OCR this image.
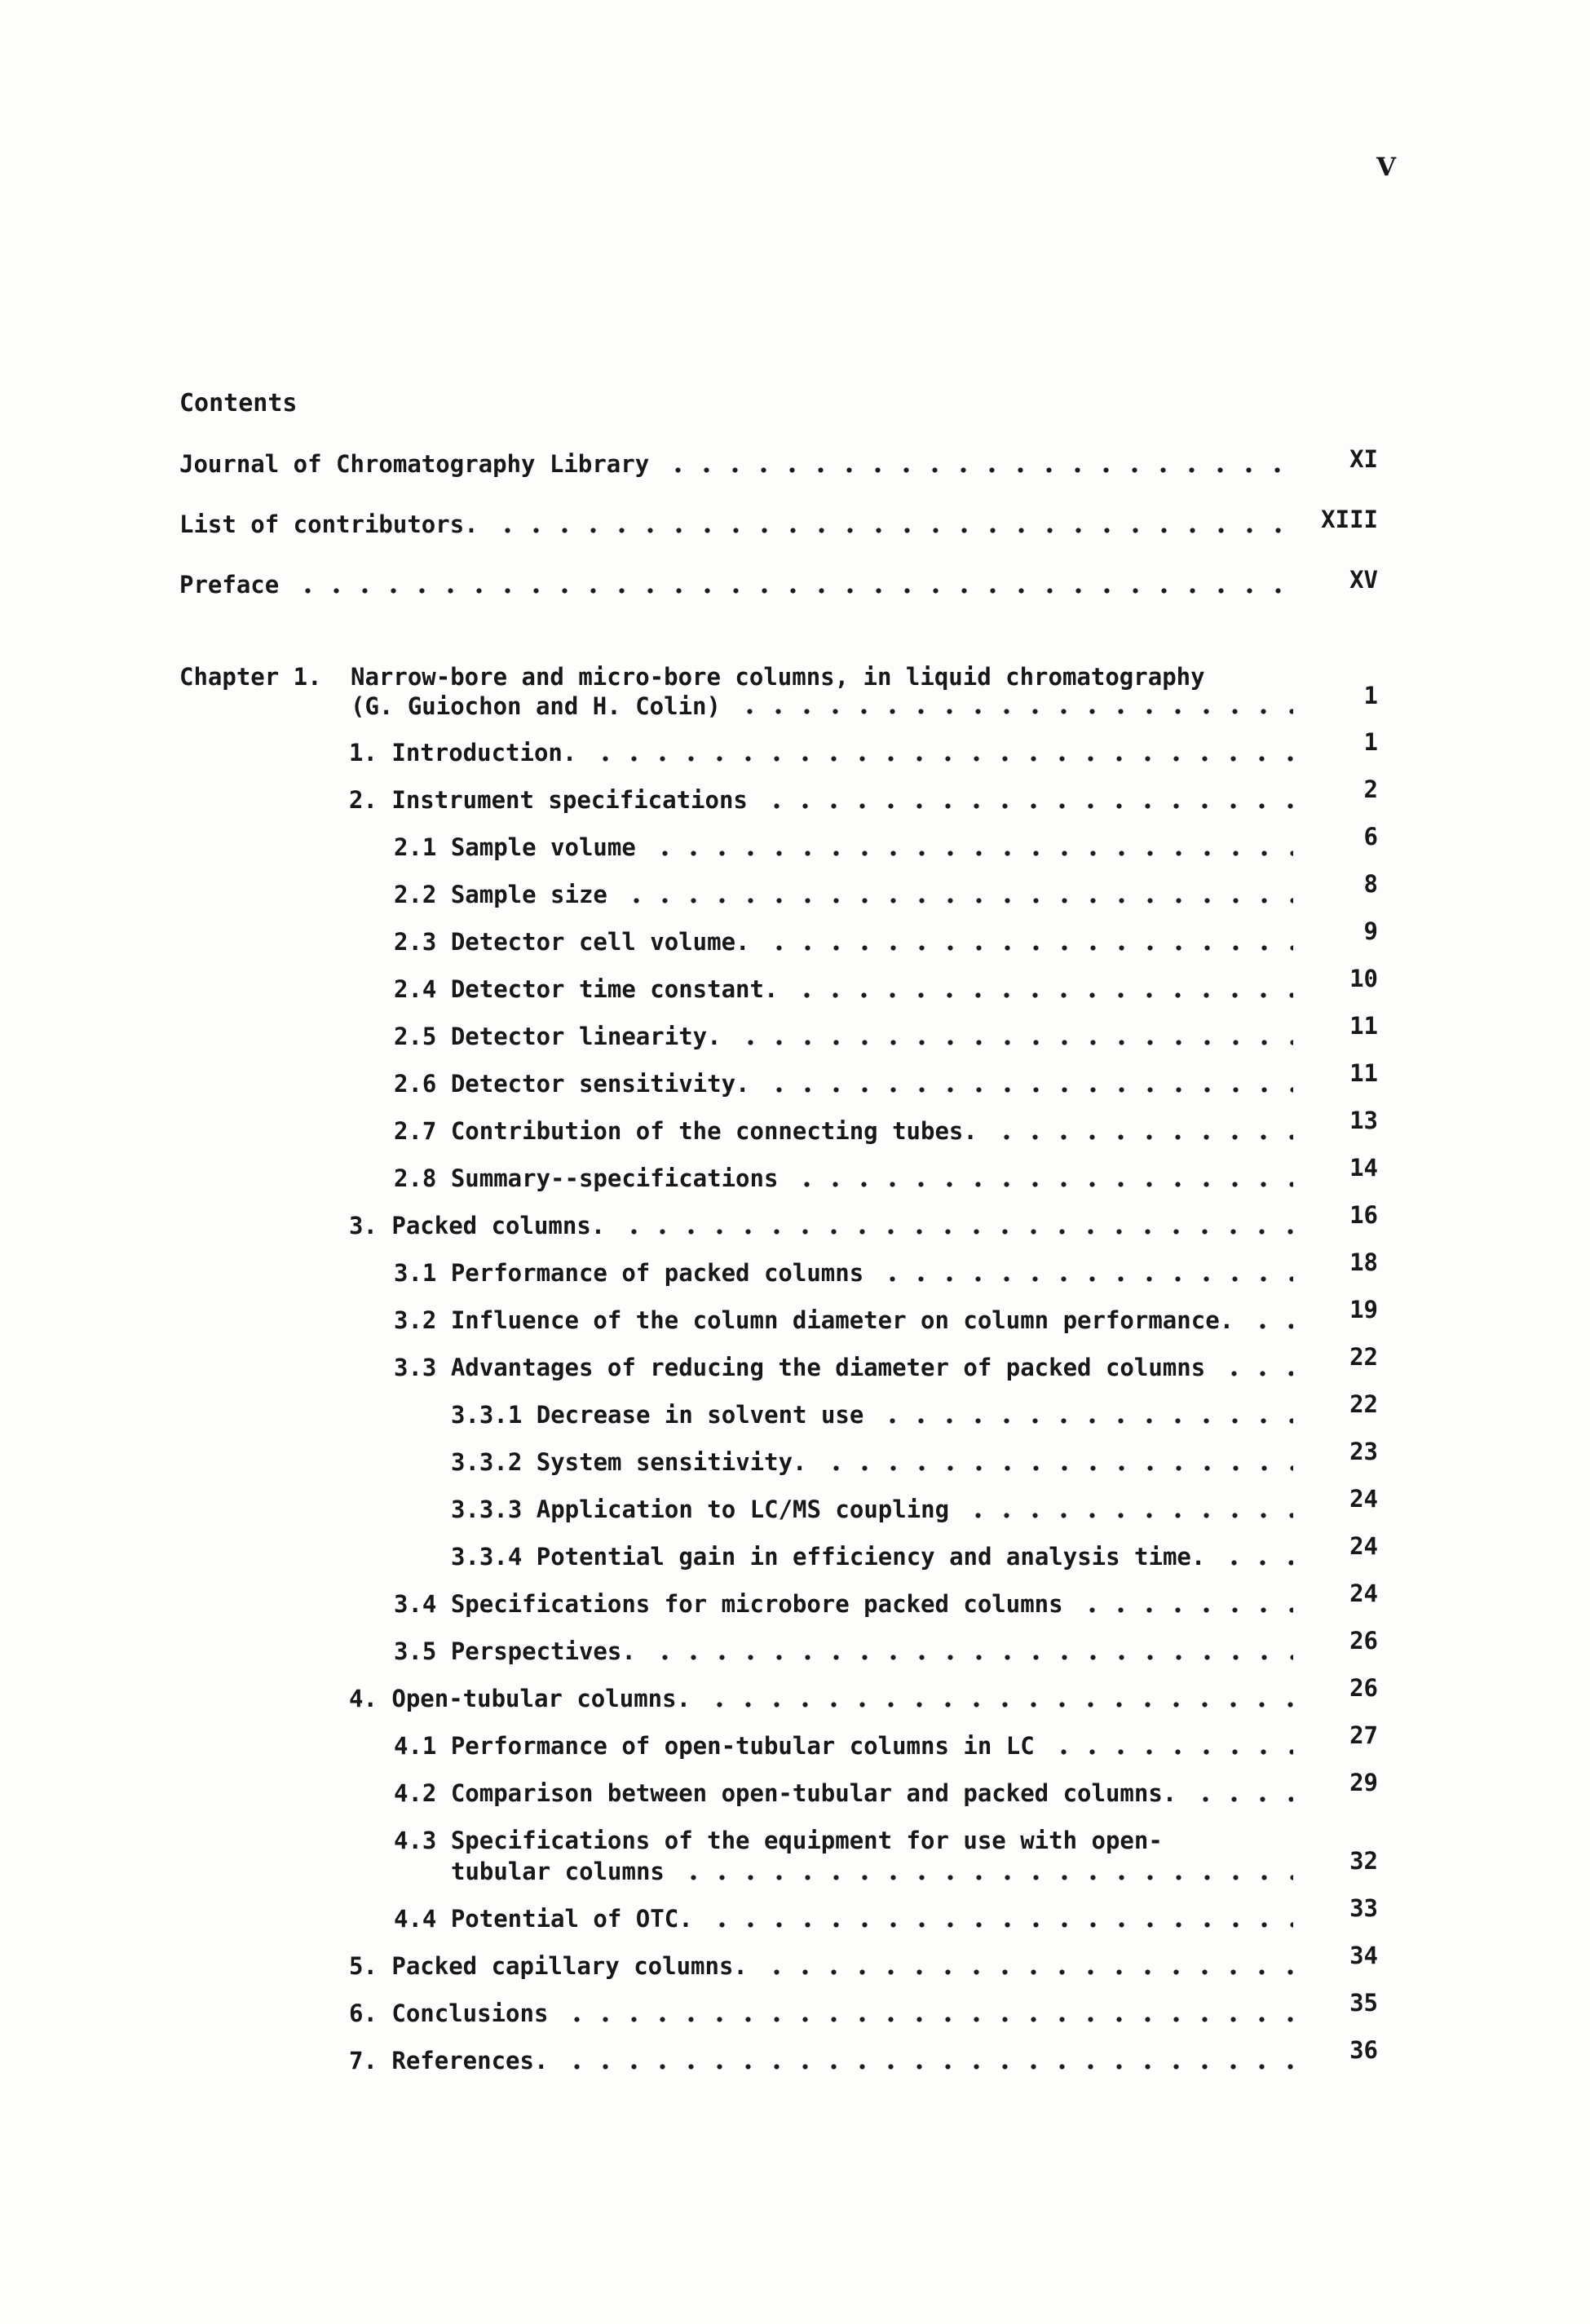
V
Contents
Journal of Chromatography Library	XI
List of contributors.	XIII
Preface	XV
Chapter 1.	Narrow-bore and micro-bore columns, in liquid chromatography
(G. Guiochon and H. Colin)	1
1. Introduction.	1
2. Instrument specifications	2
2.1 Sample volume	6
2.2 Sample size	8
2.3 Detector cell volume.	9
2.4 Detector time constant.	10
2.5 Detector linearity.	11
2.6 Detector sensitivity.	11
2.7 Contribution of the connecting tubes.	13
2.8 Summary--specifications	14
3. Packed columns.	16
3.1 Performance of packed columns	18
3.2 Influence of the column diameter on column performance.	19
3.3 Advantages of reducing the diameter of packed columns	22
3.3.1 Decrease in solvent use	22
3.3.2 System sensitivity.	23
3.3.3 Application to LC/MS coupling	24
3.3.4 Potential gain in efficiency and analysis time.	24
3.4 Specifications for microbore packed columns	24
3.5 Perspectives.	26
4. Open-tubular columns.	26
4.1 Performance of open-tubular columns in LC	27
4.2 Comparison between open-tubular and packed columns.	29
4.3 Specifications of the equipment for use with open-
tubular columns	32
4.4 Potential of OTC.	33
5. Packed capillary columns.	34
6. Conclusions	35
7. References.	36
